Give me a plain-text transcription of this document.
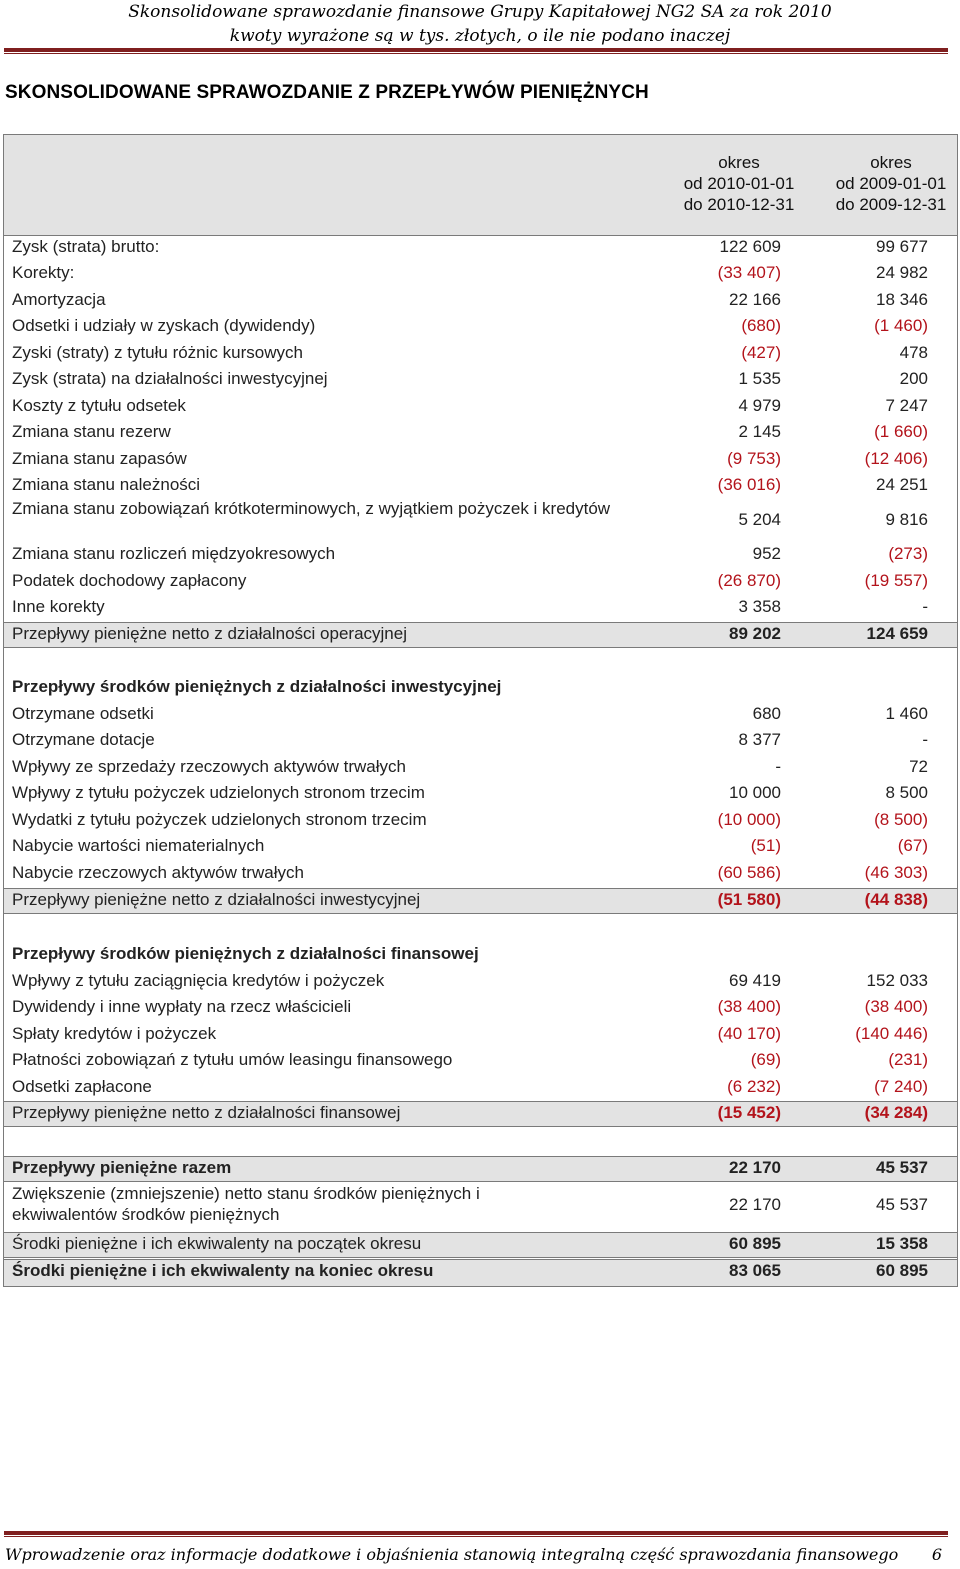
Skonsolidowane sprawozdanie finansowe Grupy Kapitałowej NG2 SA za rok 2010
kwoty wyrażone są w tys. złotych, o ile nie podano inaczej
SKONSOLIDOWANE SPRAWOZDANIE Z PRZEPŁYWÓW PIENIĘŻNYCH
okres
od 2010-01-01
do 2010-12-31
okres
od 2009-01-01
do 2009-12-31
Zysk (strata) brutto:	122 609	99 677
Korekty:	(33 407)	24 982
Amortyzacja	22 166	18 346
Odsetki i udziały w zyskach (dywidendy)	(680)	(1 460)
Zyski (straty) z tytułu różnic kursowych	(427)	478
Zysk (strata) na działalności inwestycyjnej	1 535	200
Koszty z tytułu odsetek	4 979	7 247
Zmiana stanu rezerw	2 145	(1 660)
Zmiana stanu zapasów	(9 753)	(12 406)
Zmiana stanu należności	(36 016)	24 251
Zmiana stanu zobowiązań krótkoterminowych, z wyjątkiem pożyczek i kredytów
5 204	9 816
Zmiana stanu rozliczeń międzyokresowych	952	(273)
Podatek dochodowy zapłacony	(26 870)	(19 557)
Inne korekty	3 358	-
Przepływy pieniężne netto z działalności operacyjnej	89 202	124 659
Przepływy środków pieniężnych z działalności inwestycyjnej
Otrzymane odsetki	680	1 460
Otrzymane dotacje	8 377	-
Wpływy ze sprzedaży rzeczowych aktywów trwałych	-	72
Wpływy z tytułu pożyczek udzielonych stronom trzecim	10 000	8 500
Wydatki z tytułu pożyczek udzielonych stronom trzecim	(10 000)	(8 500)
Nabycie wartości niematerialnych	(51)	(67)
Nabycie rzeczowych aktywów trwałych	(60 586)	(46 303)
Przepływy pieniężne netto z działalności inwestycyjnej	(51 580)	(44 838)
Przepływy środków pieniężnych z działalności finansowej
Wpływy z tytułu zaciągnięcia kredytów i pożyczek	69 419	152 033
Dywidendy i inne wypłaty na rzecz właścicieli	(38 400)	(38 400)
Spłaty kredytów i pożyczek	(40 170)	(140 446)
Płatności zobowiązań z tytułu umów leasingu finansowego	(69)	(231)
Odsetki zapłacone	(6 232)	(7 240)
Przepływy pieniężne netto z działalności finansowej	(15 452)	(34 284)
Przepływy pieniężne razem	22 170	45 537
Zwiększenie (zmniejszenie) netto stanu środków pieniężnych i ekwiwalentów środków pieniężnych
22 170	45 537
Środki pieniężne i ich ekwiwalenty na początek okresu	60 895	15 358
Środki pieniężne i ich ekwiwalenty na koniec okresu	83 065	60 895
Wprowadzenie oraz informacje dodatkowe i objaśnienia stanowią integralną część sprawozdania finansowego 6
